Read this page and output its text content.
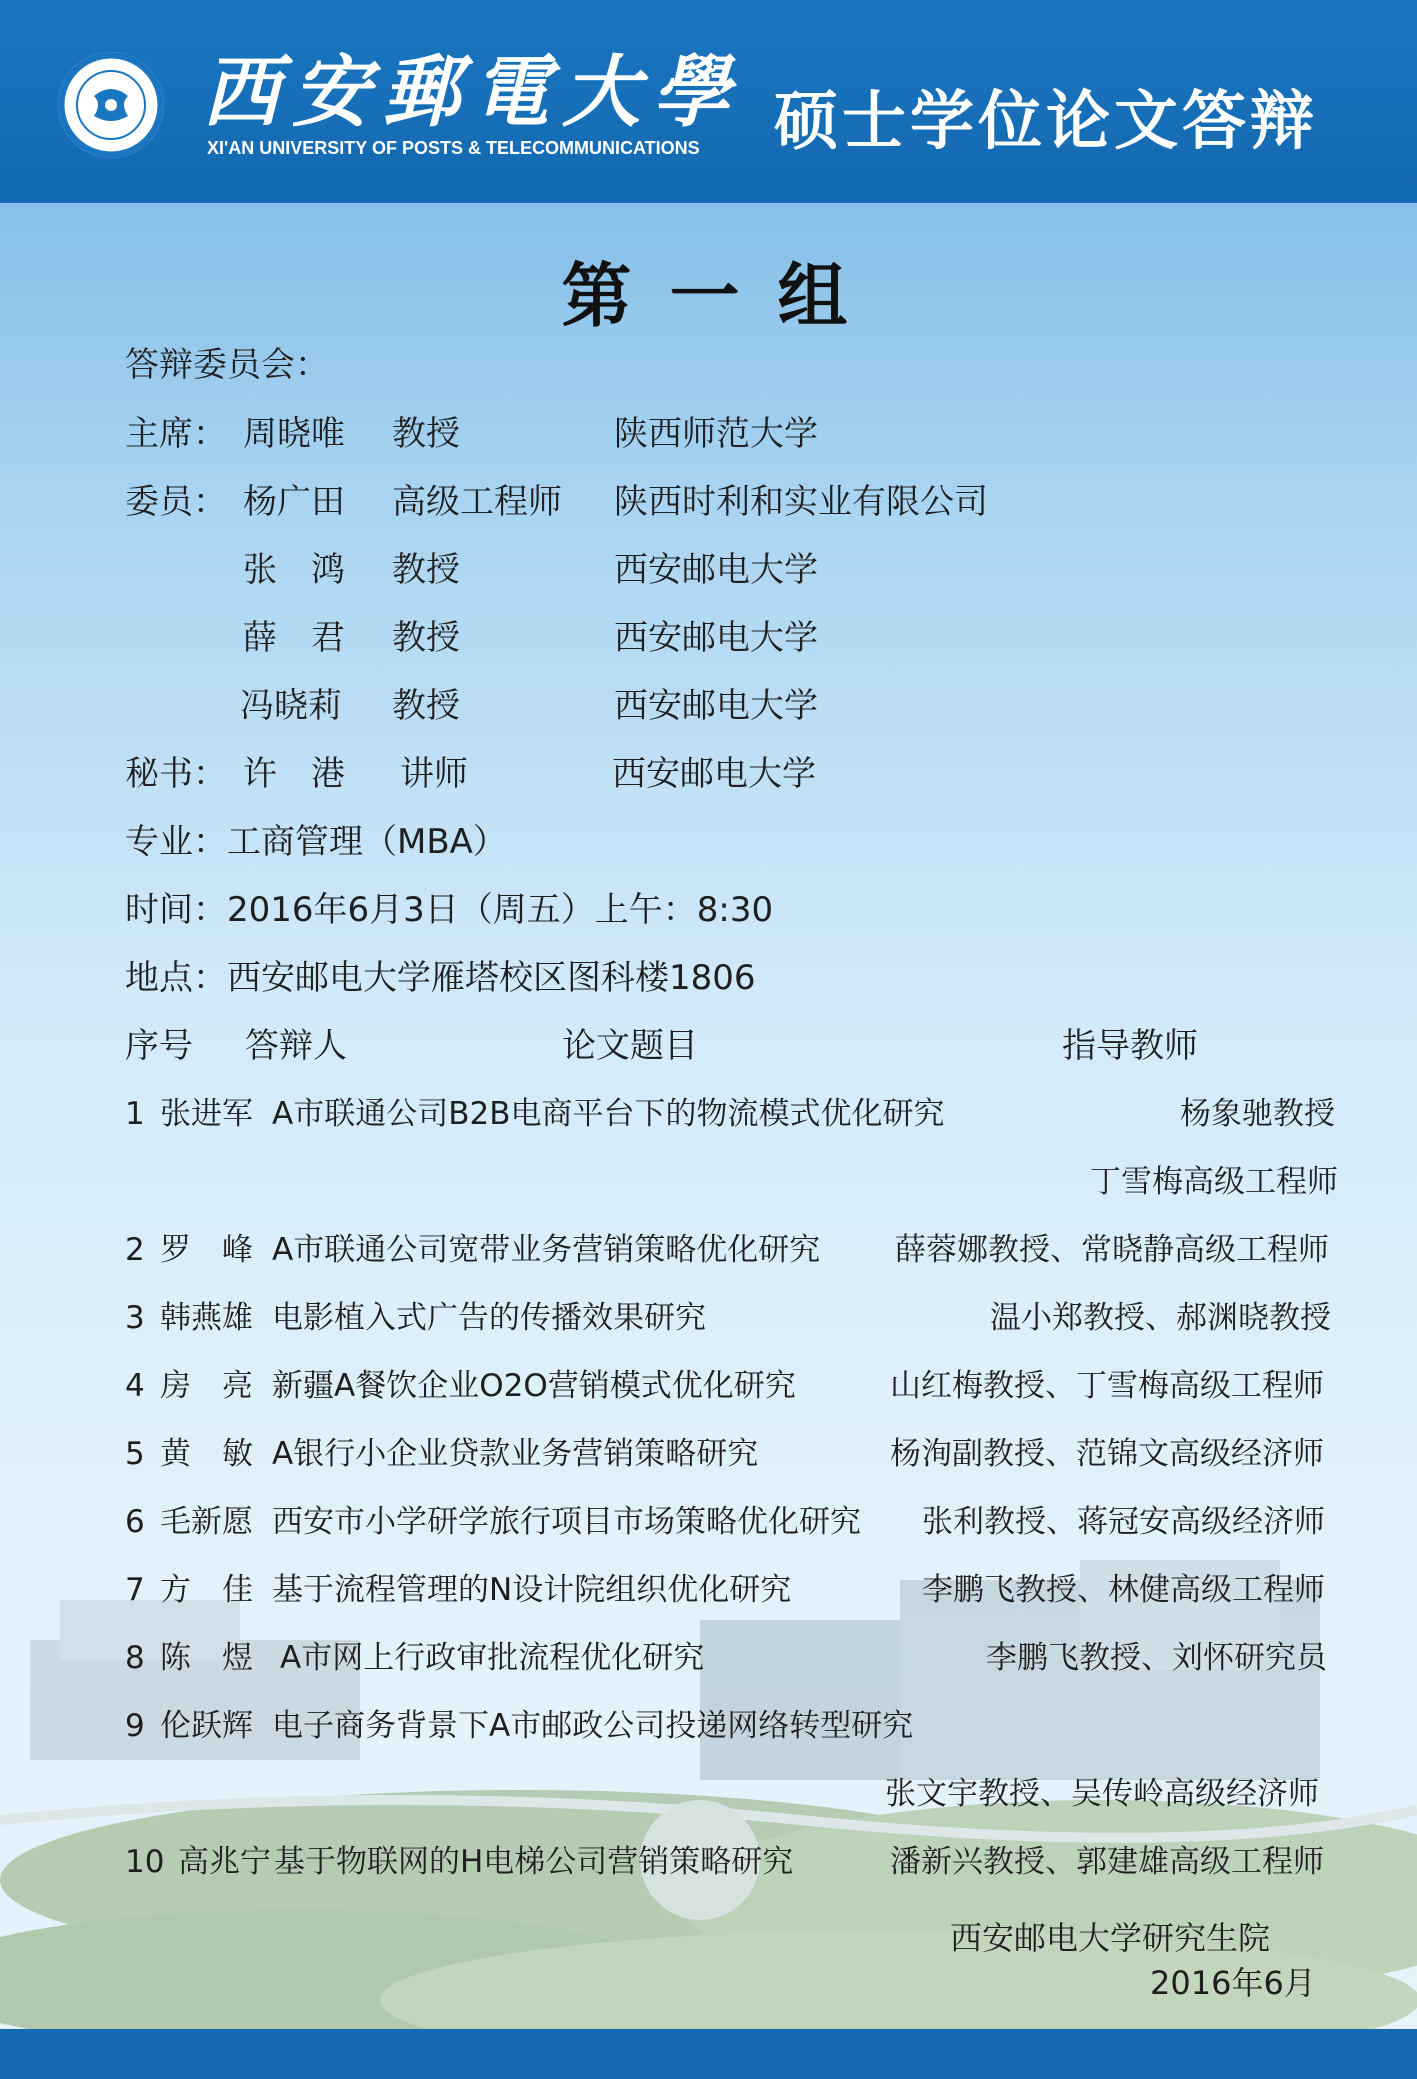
西安郵電大學
XI'AN UNIVERSITY OF POSTS & TELECOMMUNICATIONS 硕士学位论文答辩
第一组
答辩委员会：
主席： 周晓唯 教授	陕西师范大学
委员： 杨广田 高级工程师 陕西时利和实业有限公司
张　鸿 教授	西安邮电大学
薛　君 教授	西安邮电大学
冯晓莉 教授	西安邮电大学
秘书： 许　港 讲师	西安邮电大学
专业：工商管理（MBA）
时间：2016年6月3日（周五）上午：8:30
地点：西安邮电大学雁塔校区图科楼1806
序号 答辩人	论文题目	指导教师
1 张进军 A市联通公司B2B电商平台下的物流模式优化研究	杨象驰教授
丁雪梅高级工程师
2 罗　峰 A市联通公司宽带业务营销策略优化研究 薛蓉娜教授、常晓静高级工程师
3 韩燕雄 电影植入式广告的传播效果研究	温小郑教授、郝渊晓教授
4 房　亮 新疆A餐饮企业O2O营销模式优化研究	山红梅教授、丁雪梅高级工程师
5 黄　敏 A银行小企业贷款业务营销策略研究	杨洵副教授、范锦文高级经济师
6 毛新愿 西安市小学研学旅行项目市场策略优化研究 张利教授、蒋冠安高级经济师
7 方　佳 基于流程管理的N设计院组织优化研究	李鹏飞教授、林健高级工程师
8 陈　煜 A市网上行政审批流程优化研究	李鹏飞教授、刘怀研究员
9 伦跃辉 电子商务背景下A市邮政公司投递网络转型研究
张文宇教授、吴传岭高级经济师
10 高兆宁 基于物联网的H电梯公司营销策略研究	潘新兴教授、郭建雄高级工程师
西安邮电大学研究生院
2016年6月
